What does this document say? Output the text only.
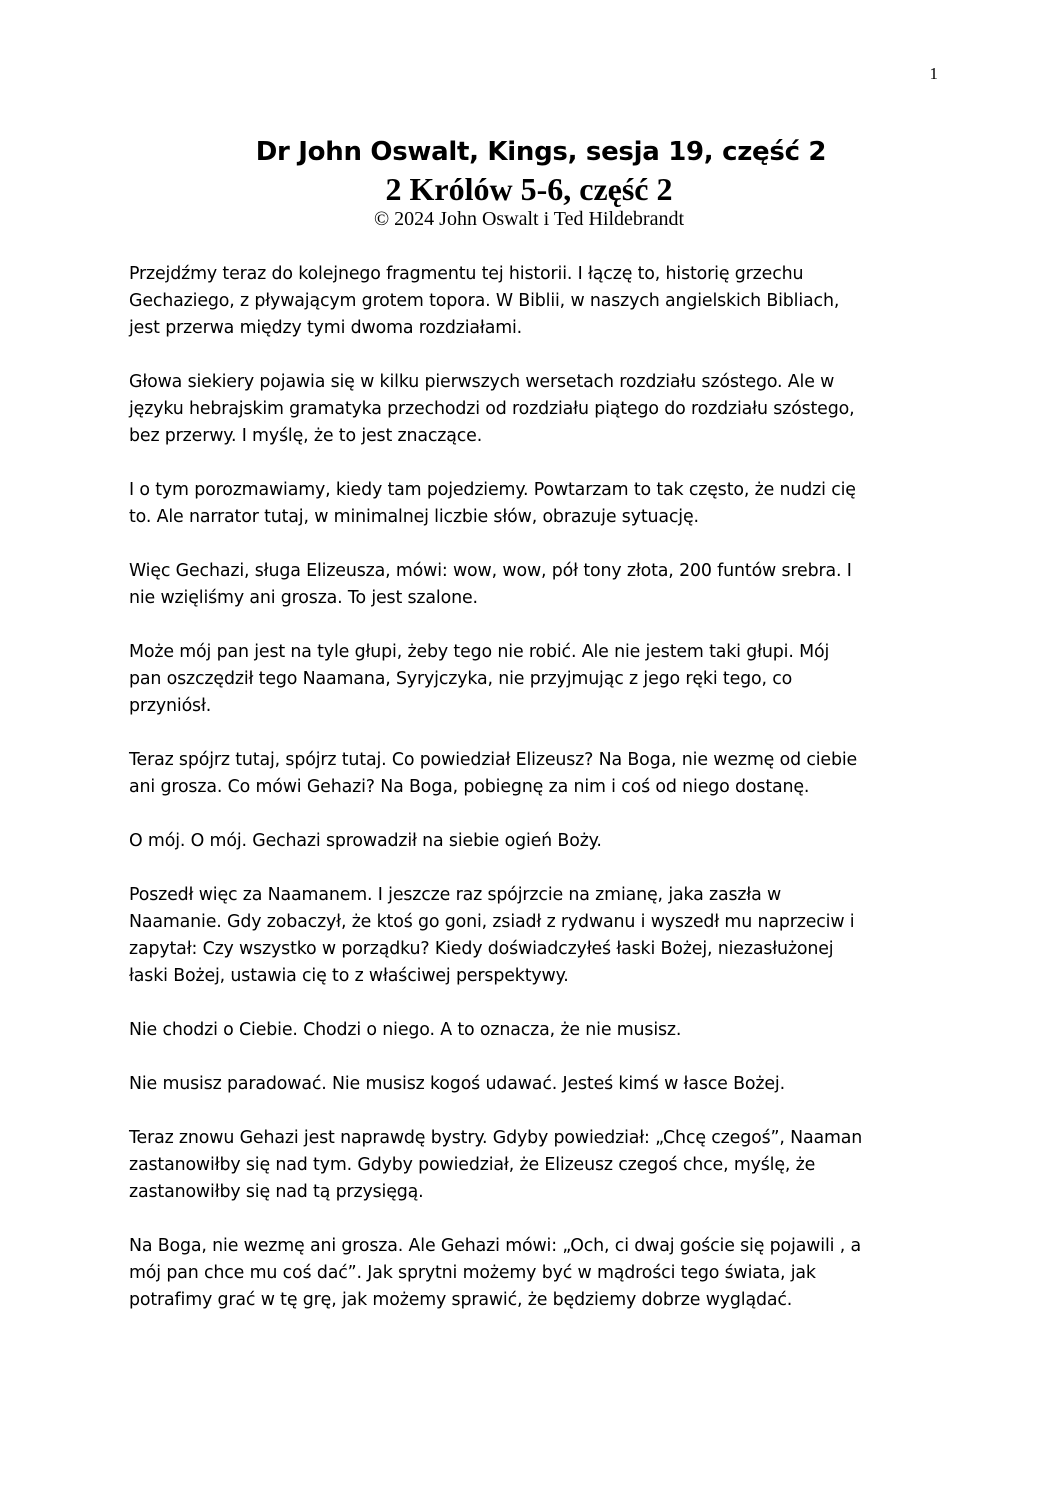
1
Dr John Oswalt, Kings, sesja 19, część 2
2 Królów 5-6, część 2
© 2024 John Oswalt i Ted Hildebrandt
Przejdźmy teraz do kolejnego fragmentu tej historii. I łączę to, historię grzechu
Gechaziego, z pływającym grotem topora. W Biblii, w naszych angielskich Bibliach,
jest przerwa między tymi dwoma rozdziałami.
Głowa siekiery pojawia się w kilku pierwszych wersetach rozdziału szóstego. Ale w
języku hebrajskim gramatyka przechodzi od rozdziału piątego do rozdziału szóstego,
bez przerwy. I myślę, że to jest znaczące.
I o tym porozmawiamy, kiedy tam pojedziemy. Powtarzam to tak często, że nudzi cię
to. Ale narrator tutaj, w minimalnej liczbie słów, obrazuje sytuację.
Więc Gechazi, sługa Elizeusza, mówi: wow, wow, pół tony złota, 200 funtów srebra. I
nie wzięliśmy ani grosza. To jest szalone.
Może mój pan jest na tyle głupi, żeby tego nie robić. Ale nie jestem taki głupi. Mój
pan oszczędził tego Naamana, Syryjczyka, nie przyjmując z jego ręki tego, co
przyniósł.
Teraz spójrz tutaj, spójrz tutaj. Co powiedział Elizeusz? Na Boga, nie wezmę od ciebie
ani grosza. Co mówi Gehazi? Na Boga, pobiegnę za nim i coś od niego dostanę.
O mój. O mój. Gechazi sprowadził na siebie ogień Boży.
Poszedł więc za Naamanem. I jeszcze raz spójrzcie na zmianę, jaka zaszła w
Naamanie. Gdy zobaczył, że ktoś go goni, zsiadł z rydwanu i wyszedł mu naprzeciw i
zapytał: Czy wszystko w porządku? Kiedy doświadczyłeś łaski Bożej, niezasłużonej
łaski Bożej, ustawia cię to z właściwej perspektywy.
Nie chodzi o Ciebie. Chodzi o niego. A to oznacza, że nie musisz.
Nie musisz paradować. Nie musisz kogoś udawać. Jesteś kimś w łasce Bożej.
Teraz znowu Gehazi jest naprawdę bystry. Gdyby powiedział: „Chcę czegoś”, Naaman
zastanowiłby się nad tym. Gdyby powiedział, że Elizeusz czegoś chce, myślę, że
zastanowiłby się nad tą przysięgą.
Na Boga, nie wezmę ani grosza. Ale Gehazi mówi: „Och, ci dwaj goście się pojawili , a
mój pan chce mu coś dać”. Jak sprytni możemy być w mądrości tego świata, jak
potrafimy grać w tę grę, jak możemy sprawić, że będziemy dobrze wyglądać.
